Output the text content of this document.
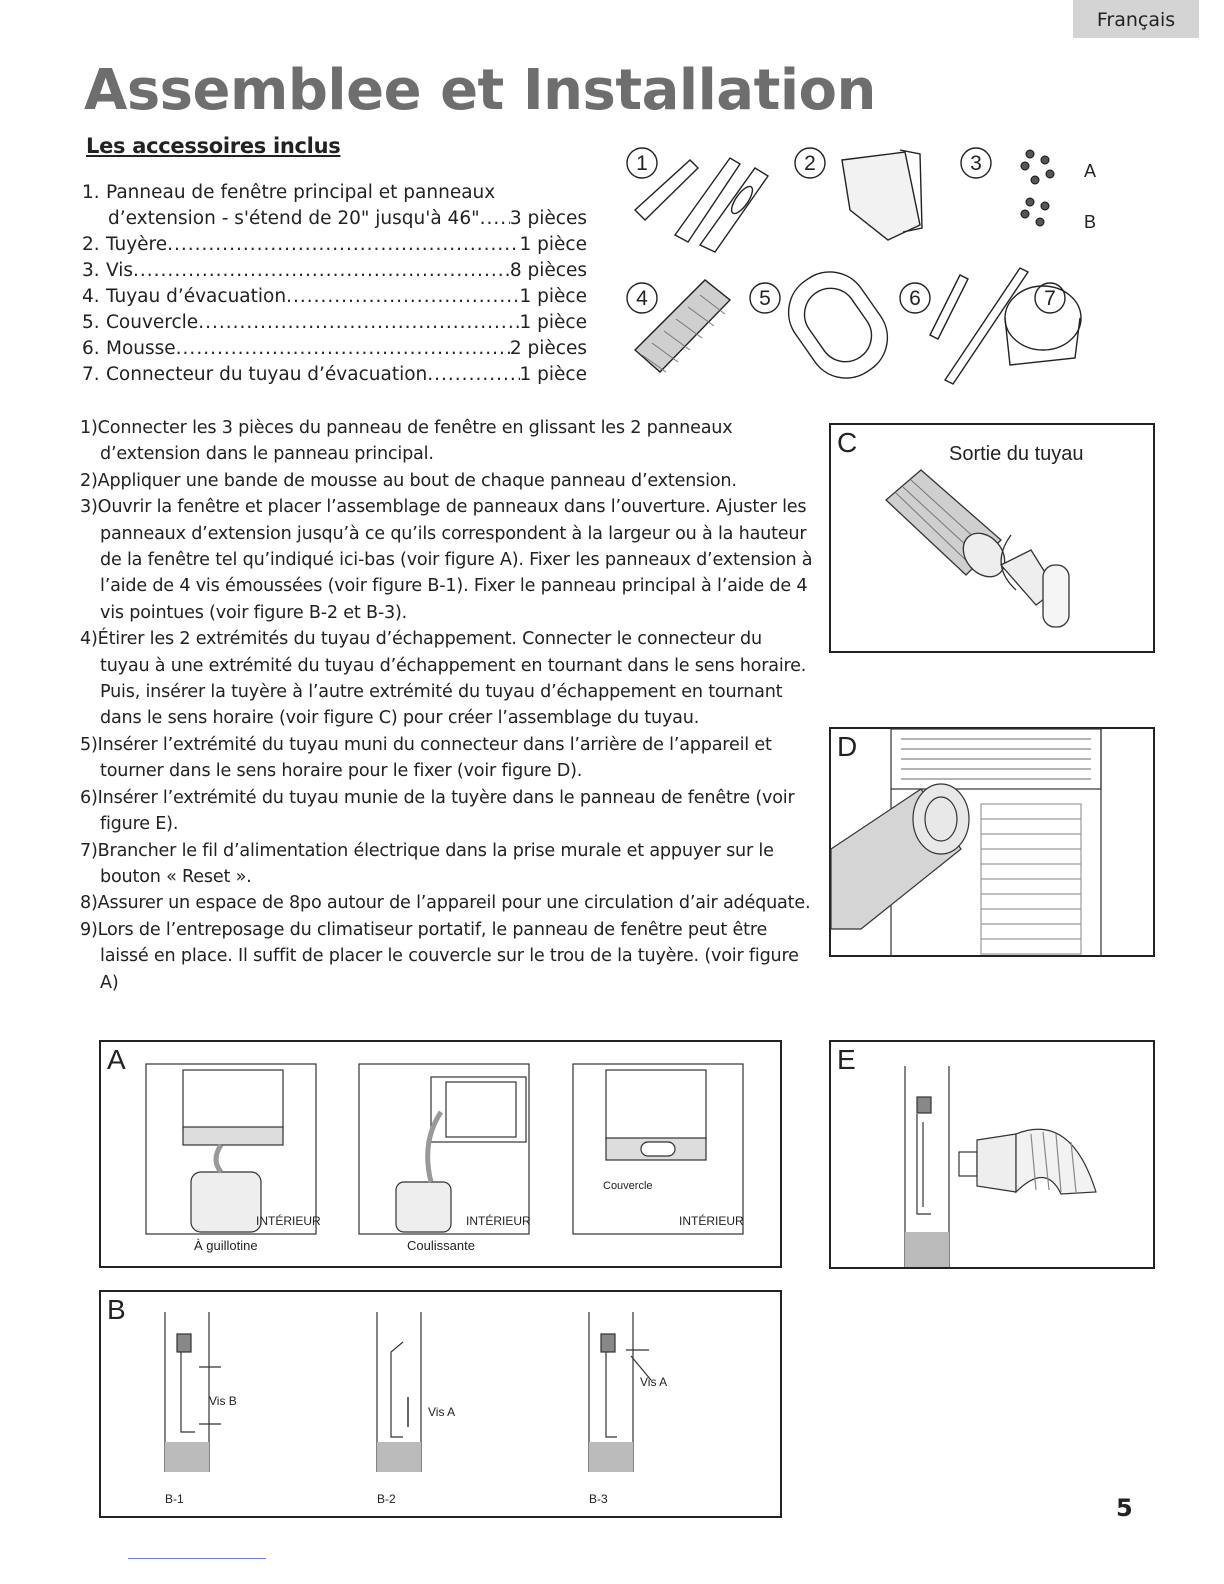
Français
Assemblee et Installation
Les accessoires inclus
1. Panneau de fenêtre principal et panneaux
d’extension - s'étend de 20" jusqu'à 46" ..... 3 pièces
2. Tuyère .....	1 pièce
3. Vis .....	8 pièces
4. Tuyau d’évacuation .....	1 pièce
5. Couvercle .....	1 pièce
6. Mousse .....	2 pièces
7. Connecteur du tuyau d’évacuation .....	1 pièce
1	2	3
4	5	6	7
A
B
1)Connecter les 3 pièces du panneau de fenêtre en glissant les 2 panneaux d’extension dans le panneau principal.
2)Appliquer une bande de mousse au bout de chaque panneau d’extension.
3)Ouvrir la fenêtre et placer l’assemblage de panneaux dans l’ouverture. Ajuster les panneaux d’extension jusqu’à ce qu’ils correspondent à la largeur ou à la hauteur de la fenêtre tel qu’indiqué ici-bas (voir figure A). Fixer les panneaux d’extension à l’aide de 4 vis émoussées (voir figure B-1). Fixer le panneau principal à l’aide de 4 vis pointues (voir figure B-2 et B-3).
4)Étirer les 2 extrémités du tuyau d’échappement. Connecter le connecteur du tuyau à une extrémité du tuyau d’échappement en tournant dans le sens horaire. Puis, insérer la tuyère à l’autre extrémité du tuyau d’échappement en tournant dans le sens horaire (voir figure C) pour créer l’assemblage du tuyau.
5)Insérer l’extrémité du tuyau muni du connecteur dans l’arrière de l’appareil et tourner dans le sens horaire pour le fixer (voir figure D).
6)Insérer l’extrémité du tuyau munie de la tuyère dans le panneau de fenêtre (voir figure E).
7)Brancher le fil d’alimentation électrique dans la prise murale et appuyer sur le bouton « Reset ».
8)Assurer un espace de 8po autour de l’appareil pour une circulation d’air adéquate.
9)Lors de l’entreposage du climatiseur portatif, le panneau de fenêtre peut être laissé en place. Il suffit de placer le couvercle sur le trou de la tuyère. (voir figure A)
C	Sortie du tuyau
D
E
A
INTÉRIEUR	INTÉRIEUR	INTÉRIEUR
À guillotine	Coulissante
Couvercle
B
Vis B
Vis A
Vis A
B-1	B-2	B-3	5
